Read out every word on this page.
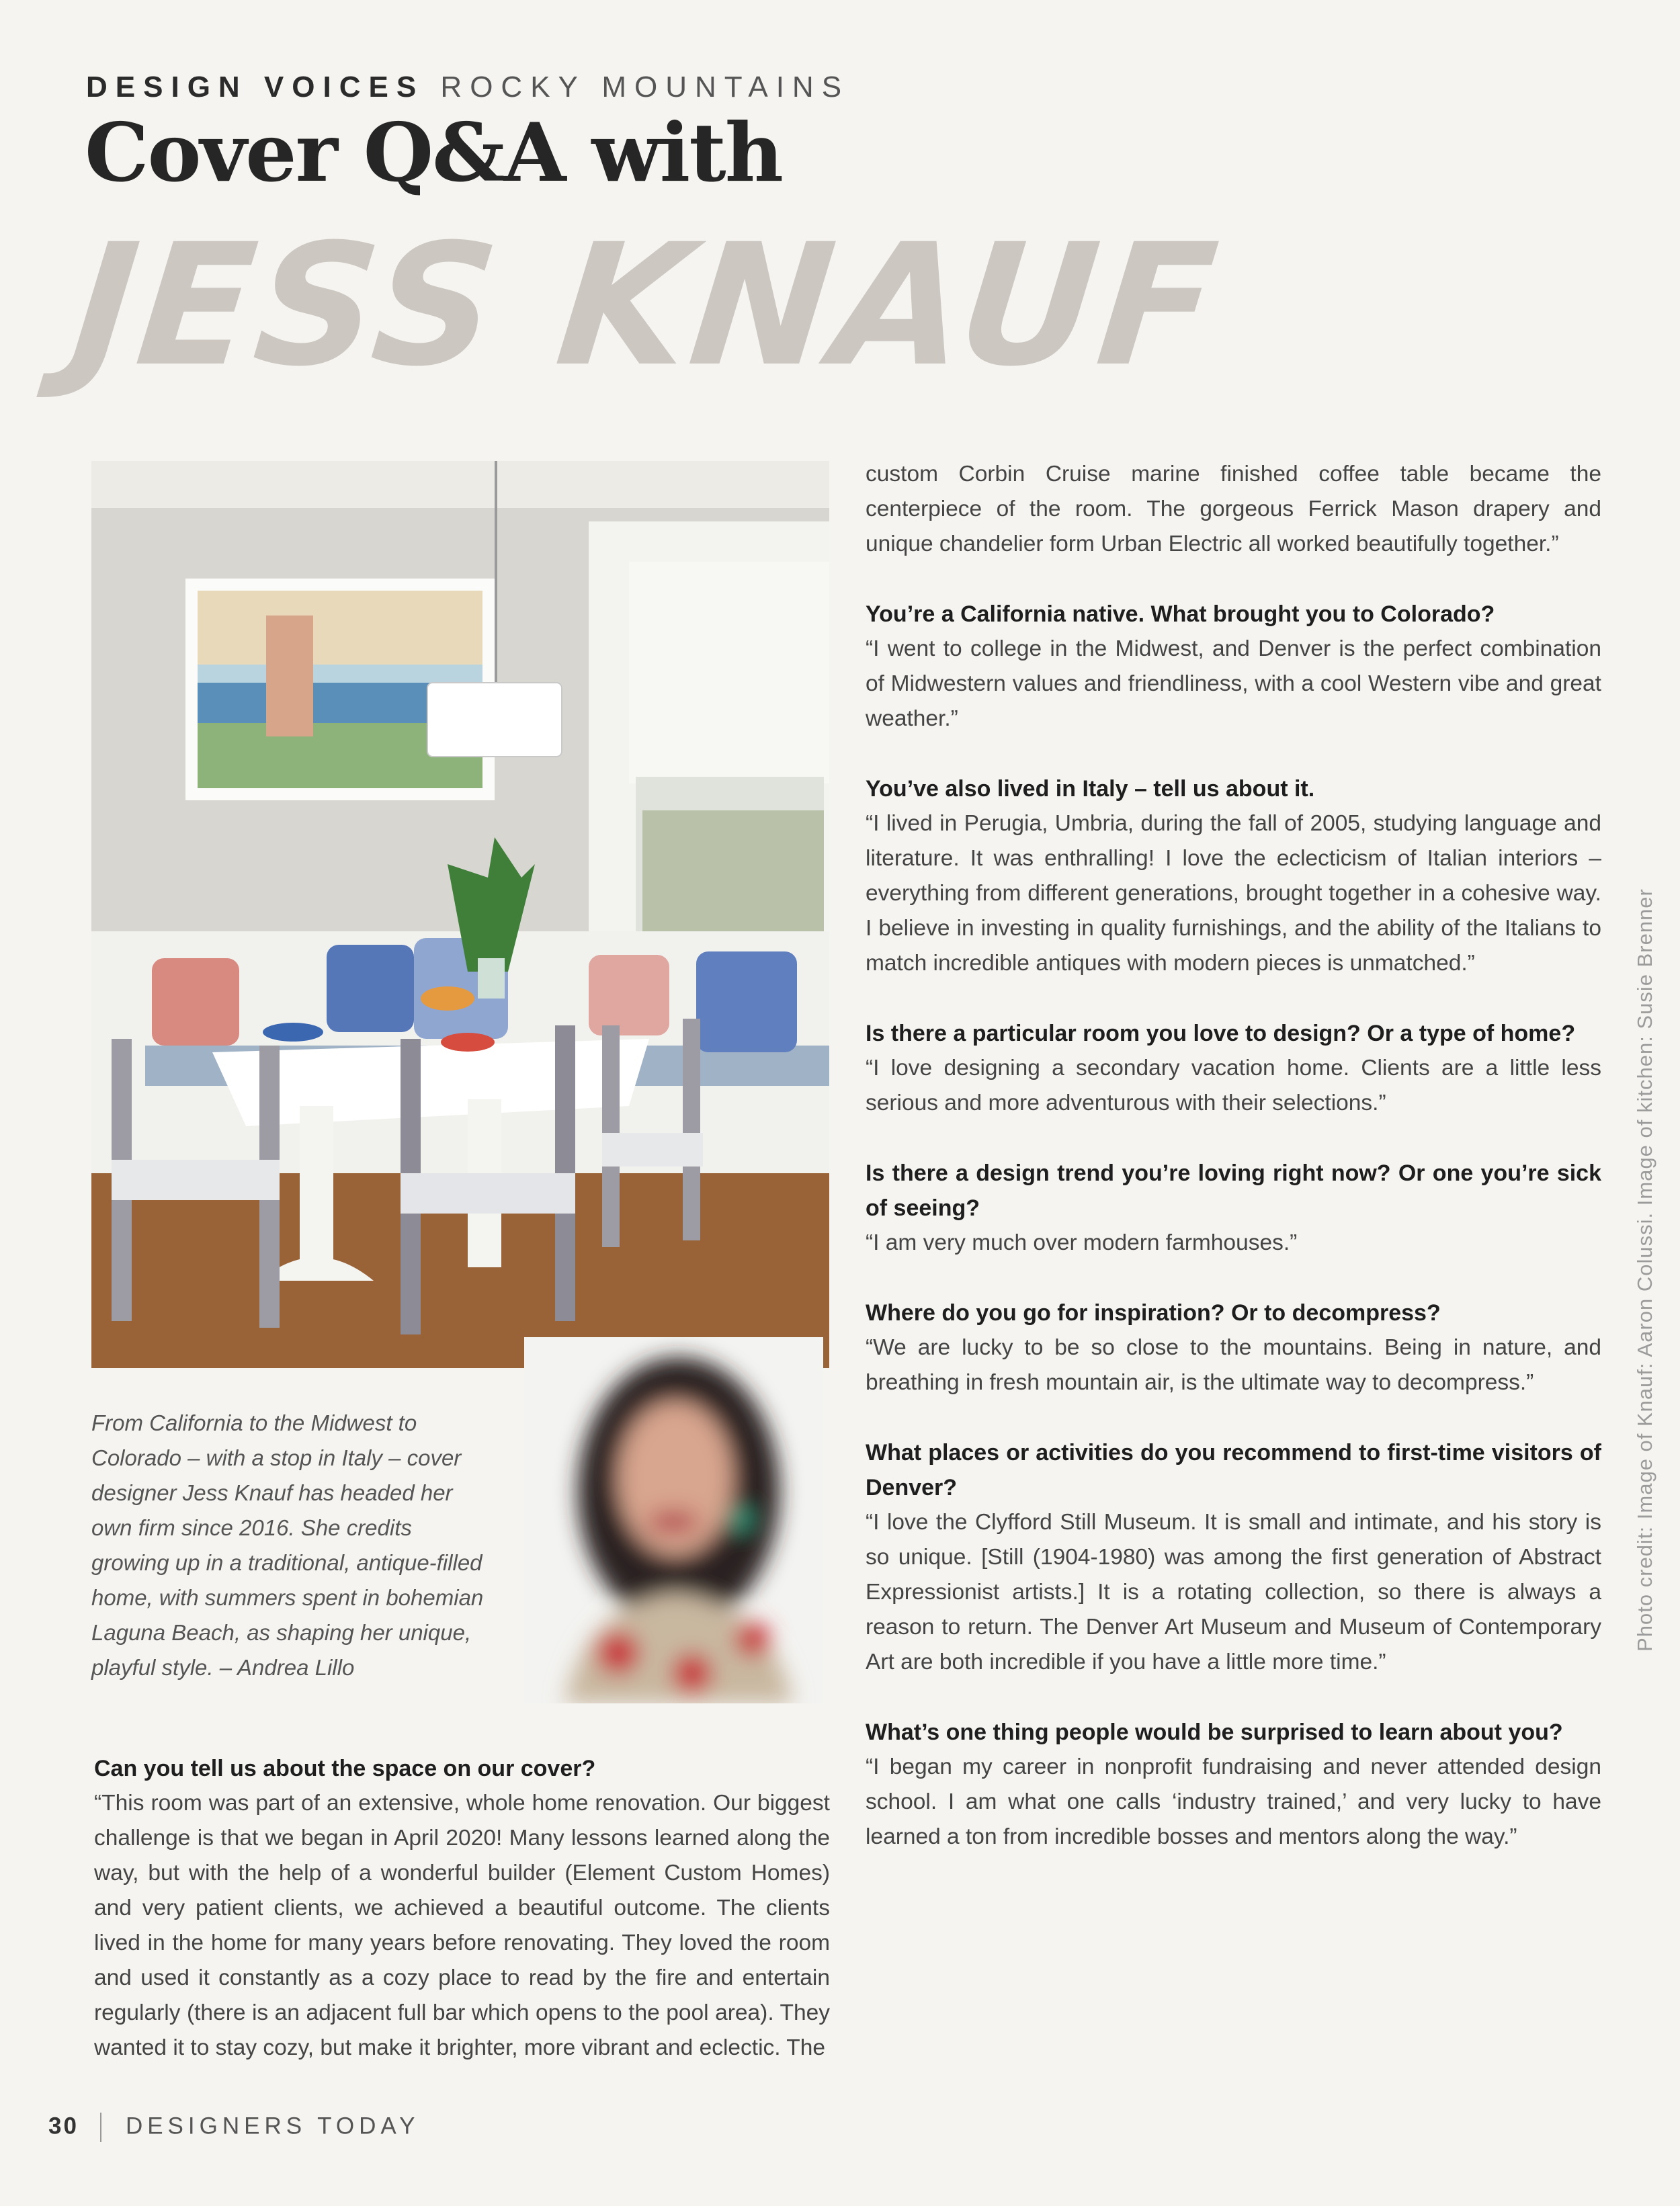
DESIGN VOICES ROCKY MOUNTAINS
Cover Q&A with
JESS KNAUF

From California to the Midwest to Colorado – with a stop in Italy – cover designer Jess Knauf has headed her own firm since 2016. She credits growing up in a traditional, antique-filled home, with summers spent in bohemian Laguna Beach, as shaping her unique, playful style. – Andrea Lillo

Can you tell us about the space on our cover?

“This room was part of an extensive, whole home renovation. Our biggest challenge is that we began in April 2020! Many lessons learned along the way, but with the help of a wonderful builder (Element Custom Homes) and very patient clients, we achieved a beautiful outcome. The clients lived in the home for many years before renovating. They loved the room and used it constantly as a cozy place to read by the fire and entertain regularly (there is an adjacent full bar which opens to the pool area). They wanted it to stay cozy, but make it brighter, more vibrant and eclectic. The

custom Corbin Cruise marine finished coffee table became the centerpiece of the room. The gorgeous Ferrick Mason drapery and unique chandelier form Urban Electric all worked beautifully together.”

You’re a California native. What brought you to Colorado?

“I went to college in the Midwest, and Denver is the perfect combination of Midwestern values and friendliness, with a cool Western vibe and great weather.”

You’ve also lived in Italy – tell us about it.

“I lived in Perugia, Umbria, during the fall of 2005, studying language and literature. It was enthralling! I love the eclecticism of Italian interiors – everything from different generations, brought together in a cohesive way. I believe in investing in quality furnishings, and the ability of the Italians to match incredible antiques with modern pieces is unmatched.”

Is there a particular room you love to design? Or a type of home?

“I love designing a secondary vacation home. Clients are a little less serious and more adventurous with their selections.”

Is there a design trend you’re loving right now? Or one you’re sick of seeing?

“I am very much over modern farmhouses.”

Where do you go for inspiration? Or to decompress?

“We are lucky to be so close to the mountains. Being in nature, and breathing in fresh mountain air, is the ultimate way to decompress.”

What places or activities do you recommend to first-time visitors of Denver?

“I love the Clyfford Still Museum. It is small and intimate, and his story is so unique. [Still (1904-1980) was among the first generation of Abstract Expressionist artists.] It is a rotating collection, so there is always a reason to return. The Denver Art Museum and Museum of Contemporary Art are both incredible if you have a little more time.”

What’s one thing people would be surprised to learn about you?

“I began my career in nonprofit fundraising and never attended design school. I am what one calls ‘industry trained,’ and very lucky to have learned a ton from incredible bosses and mentors along the way.”

Photo credit: Image of Knauf: Aaron Colussi. Image of kitchen: Susie Brenner
30 DESIGNERS TODAY
